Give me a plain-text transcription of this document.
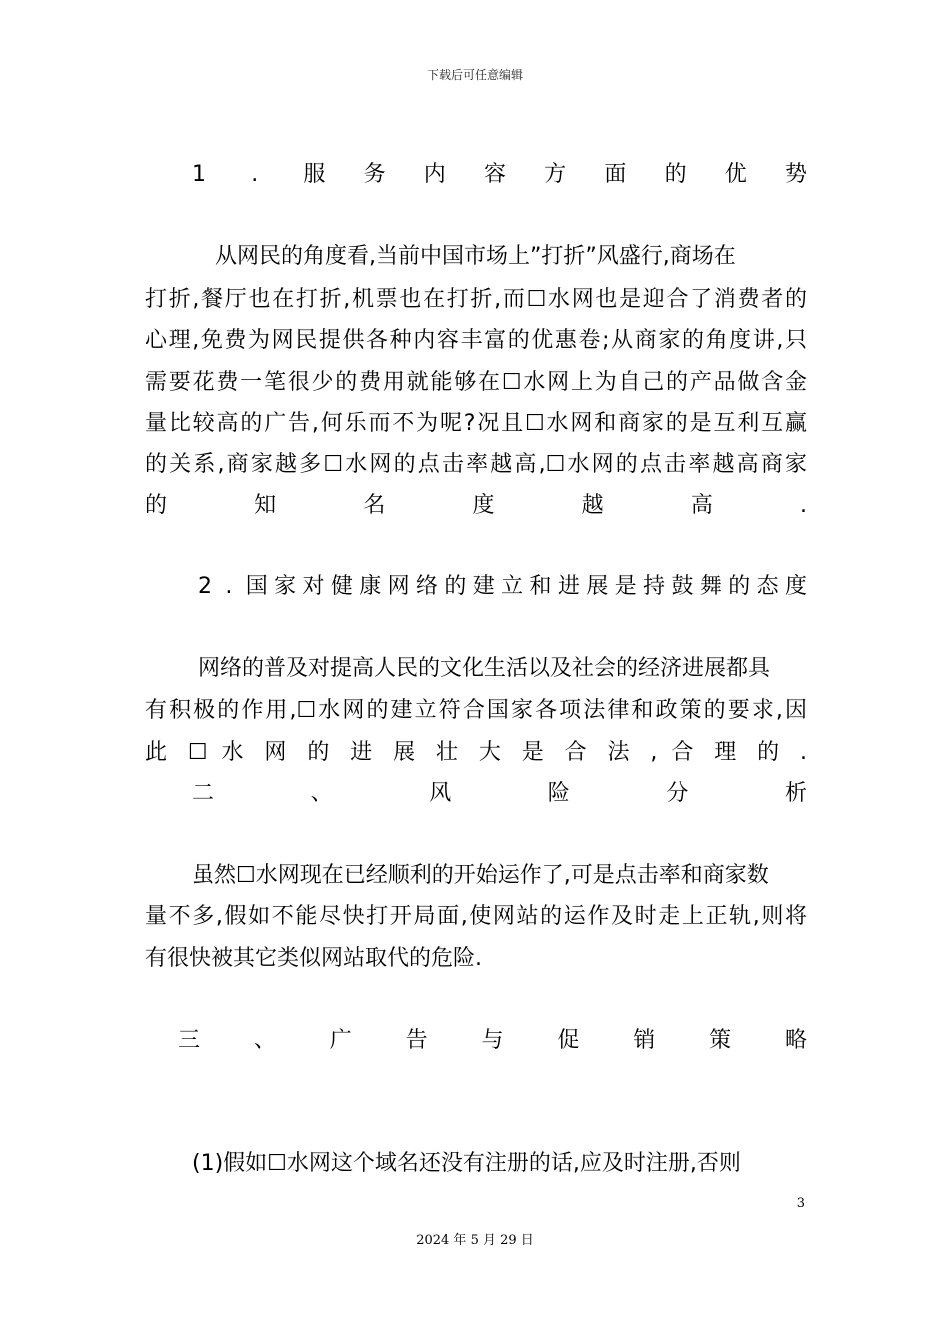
下载后可任意编辑
1 . 服务内容方面的优势
从网民的角度看,当前中国市场上”打折”风盛行,商场在
打折,餐厅也在打折,机票也在打折,而☐水网也是迎合了消费者的
心理,免费为网民提供各种内容丰富的优惠卷;从商家的角度讲,只
需要花费一笔很少的费用就能够在☐水网上为自己的产品做含金
量比较高的广告,何乐而不为呢?况且☐水网和商家的是互利互赢
的关系,商家越多☐水网的点击率越高,☐水网的点击率越高商家
的 知 名 度 越 高 .
2 . 国家对健康网络的建立和进展是持鼓舞的态度
网络的普及对提高人民的文化生活以及社会的经济进展都具
有积极的作用,☐水网的建立符合国家各项法律和政策的要求,因
此 ☐ 水 网 的 进 展 壮 大 是 合 法 , 合 理 的 .
二 、 风 险 分 析
虽然☐水网现在已经顺利的开始运作了,可是点击率和商家数
量不多,假如不能尽快打开局面,使网站的运作及时走上正轨,则将
有很快被其它类似网站取代的危险.
三 、 广 告 与 促 销 策 略
(1)假如☐水网这个域名还没有注册的话,应及时注册,否则
3
2024 年 5 月 29 日
